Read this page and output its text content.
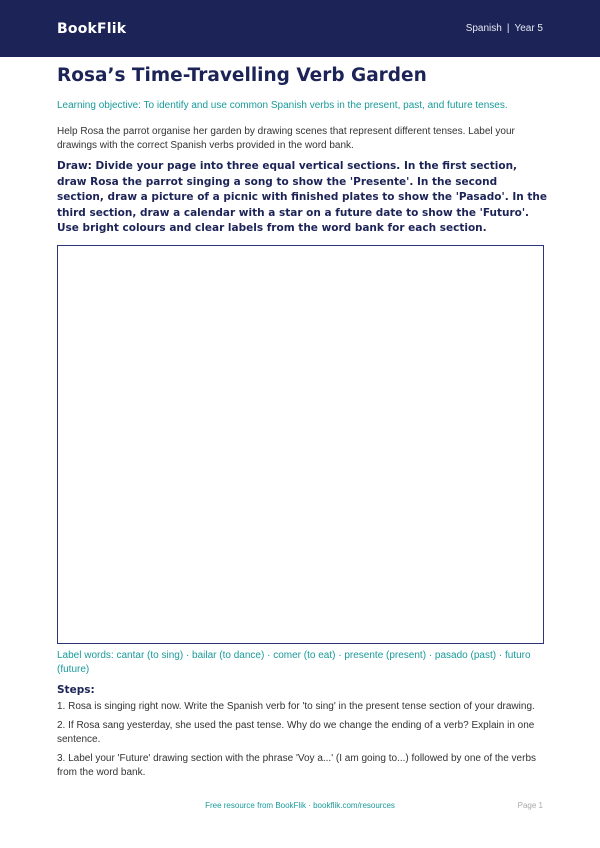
BookFlik	Spanish | Year 5
Rosa’s Time-Travelling Verb Garden

Learning objective: To identify and use common Spanish verbs in the present, past, and future tenses.

Help Rosa the parrot organise her garden by drawing scenes that represent different tenses. Label your drawings with the correct Spanish verbs provided in the word bank.

Draw: Divide your page into three equal vertical sections. In the first section, draw Rosa the parrot singing a song to show the 'Presente'. In the second section, draw a picture of a picnic with finished plates to show the 'Pasado'. In the third section, draw a calendar with a star on a future date to show the 'Futuro'. Use bright colours and clear labels from the word bank for each section.

Label words: cantar (to sing) · bailar (to dance) · comer (to eat) · presente (present) · pasado (past) · futuro (future)

Steps:
1. Rosa is singing right now. Write the Spanish verb for 'to sing' in the present tense section of your drawing.
2. If Rosa sang yesterday, she used the past tense. Why do we change the ending of a verb? Explain in one sentence.
3. Label your 'Future' drawing section with the phrase 'Voy a...' (I am going to...) followed by one of the verbs from the word bank.
Free resource from BookFlik · bookflik.com/resources	Page 1
